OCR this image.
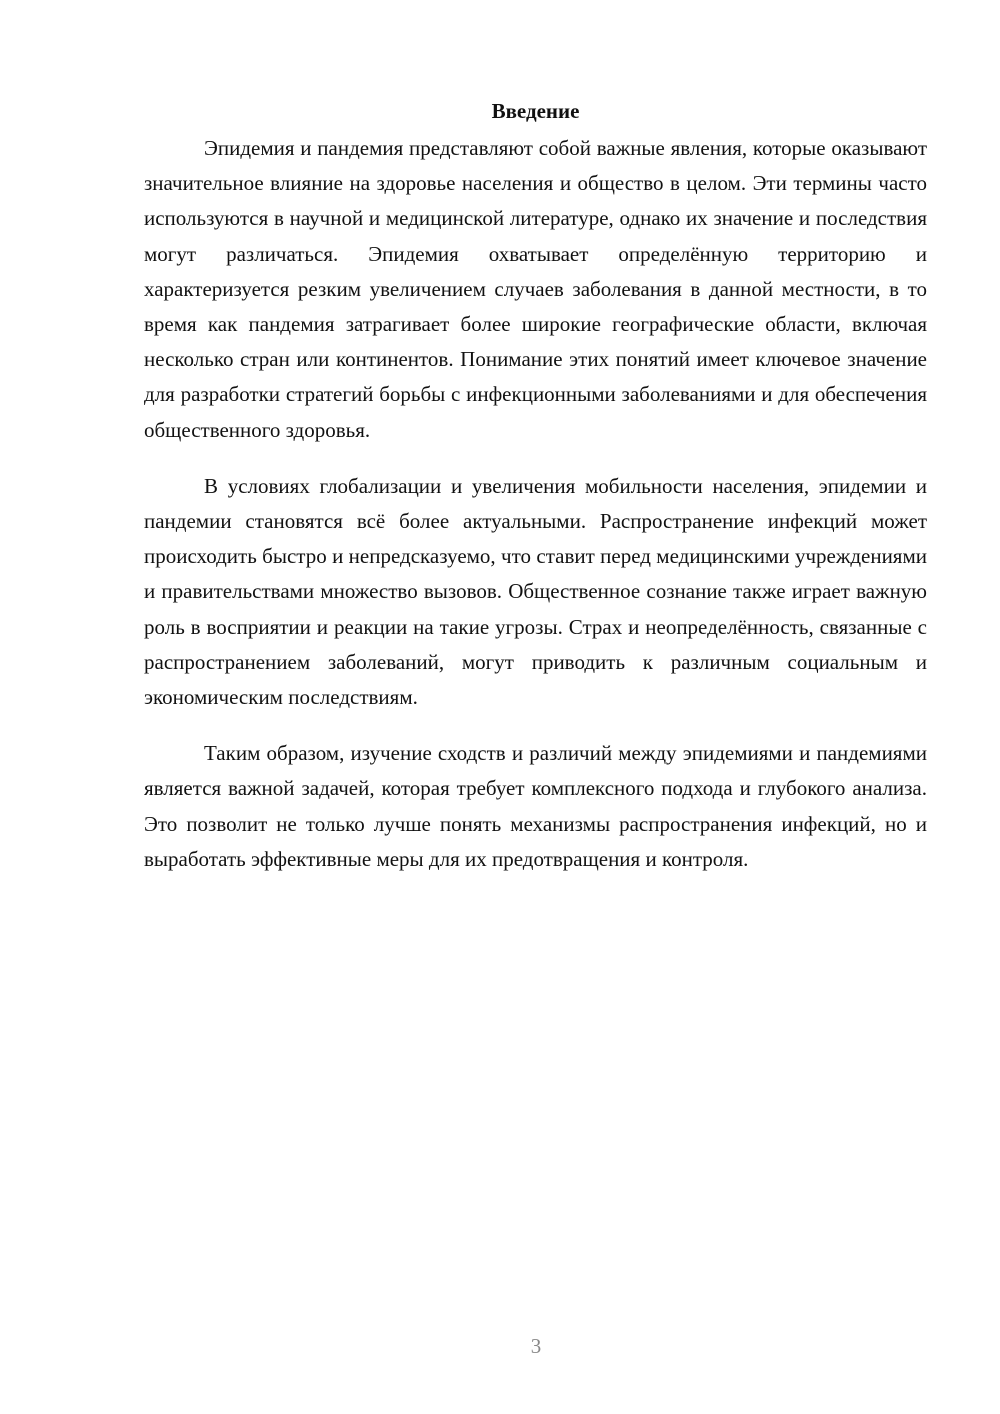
Введение

Эпидемия и пандемия представляют собой важные явления, которые оказывают значительное влияние на здоровье населения и общество в целом. Эти термины часто используются в научной и медицинской литературе, однако их значение и последствия могут различаться. Эпидемия охватывает определённую территорию и характеризуется резким увеличением случаев заболевания в данной местности, в то время как пандемия затрагивает более широкие географические области, включая несколько стран или континентов. Понимание этих понятий имеет ключевое значение для разработки стратегий борьбы с инфекционными заболеваниями и для обеспечения общественного здоровья.

В условиях глобализации и увеличения мобильности населения, эпидемии и пандемии становятся всё более актуальными. Распространение инфекций может происходить быстро и непредсказуемо, что ставит перед медицинскими учреждениями и правительствами множество вызовов. Общественное сознание также играет важную роль в восприятии и реакции на такие угрозы. Страх и неопределённость, связанные с распространением заболеваний, могут приводить к различным социальным и экономическим последствиям.

Таким образом, изучение сходств и различий между эпидемиями и пандемиями является важной задачей, которая требует комплексного подхода и глубокого анализа. Это позволит не только лучше понять механизмы распространения инфекций, но и выработать эффективные меры для их предотвращения и контроля.

3
